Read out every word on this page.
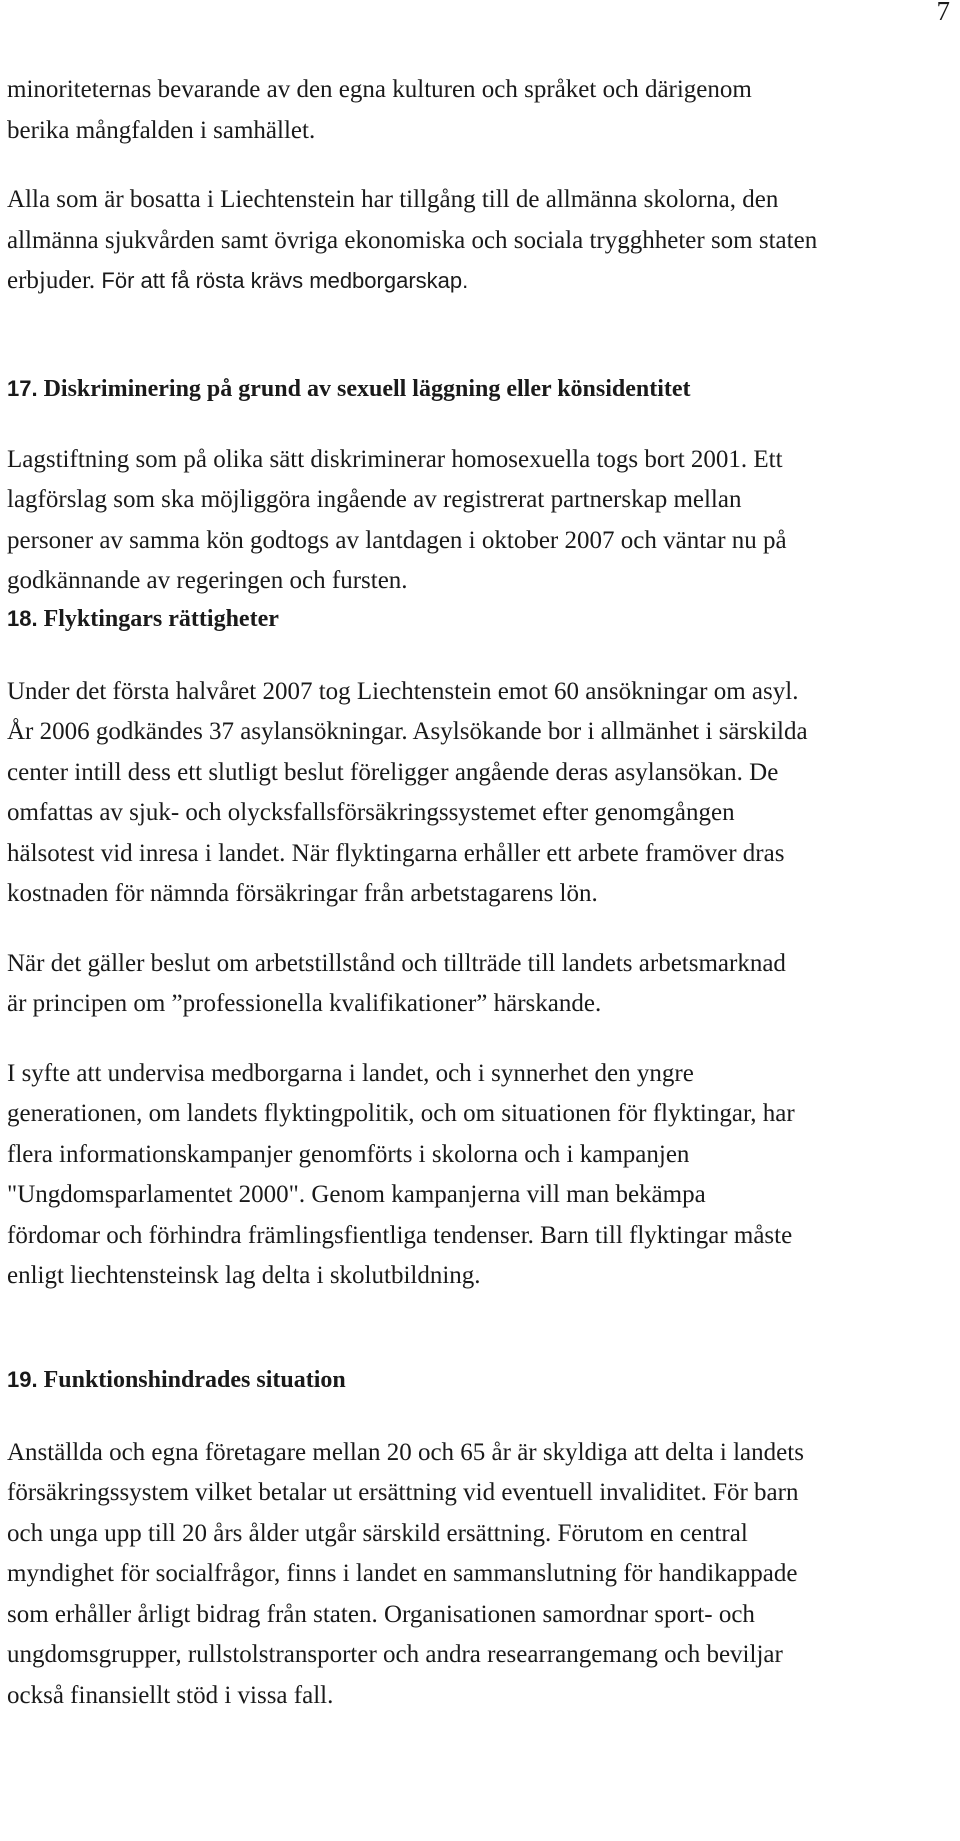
7

minoriteternas bevarande av den egna kulturen och språket och därigenom
berika mångfalden i samhället.

Alla som är bosatta i Liechtenstein har tillgång till de allmänna skolorna, den
allmänna sjukvården samt övriga ekonomiska och sociala trygghheter som staten
erbjuder. För att få rösta krävs medborgarskap.

17. Diskriminering på grund av sexuell läggning eller könsidentitet

Lagstiftning som på olika sätt diskriminerar homosexuella togs bort 2001. Ett
lagförslag som ska möjliggöra ingående av registrerat partnerskap mellan
personer av samma kön godtogs av lantdagen i oktober 2007 och väntar nu på
godkännande av regeringen och fursten.

18. Flyktingars rättigheter

Under det första halvåret 2007 tog Liechtenstein emot 60 ansökningar om asyl.
År 2006 godkändes 37 asylansökningar. Asylsökande bor i allmänhet i särskilda
center intill dess ett slutligt beslut föreligger angående deras asylansökan. De
omfattas av sjuk- och olycksfallsförsäkringssystemet efter genomgången
hälsotest vid inresa i landet. När flyktingarna erhåller ett arbete framöver dras
kostnaden för nämnda försäkringar från arbetstagarens lön.

När det gäller beslut om arbetstillstånd och tillträde till landets arbetsmarknad
är principen om ”professionella kvalifikationer” härskande.

I syfte att undervisa medborgarna i landet, och i synnerhet den yngre
generationen, om landets flyktingpolitik, och om situationen för flyktingar, har
flera informationskampanjer genomförts i skolorna och i kampanjen
"Ungdomsparlamentet 2000". Genom kampanjerna vill man bekämpa
fördomar och förhindra främlingsfientliga tendenser. Barn till flyktingar måste
enligt liechtensteinsk lag delta i skolutbildning.

19. Funktionshindrades situation

Anställda och egna företagare mellan 20 och 65 år är skyldiga att delta i landets
försäkringssystem vilket betalar ut ersättning vid eventuell invaliditet. För barn
och unga upp till 20 års ålder utgår särskild ersättning. Förutom en central
myndighet för socialfrågor, finns i landet en sammanslutning för handikappade
som erhåller årligt bidrag från staten. Organisationen samordnar sport- och
ungdomsgrupper, rullstolstransporter och andra researrangemang och beviljar
också finansiellt stöd i vissa fall.
